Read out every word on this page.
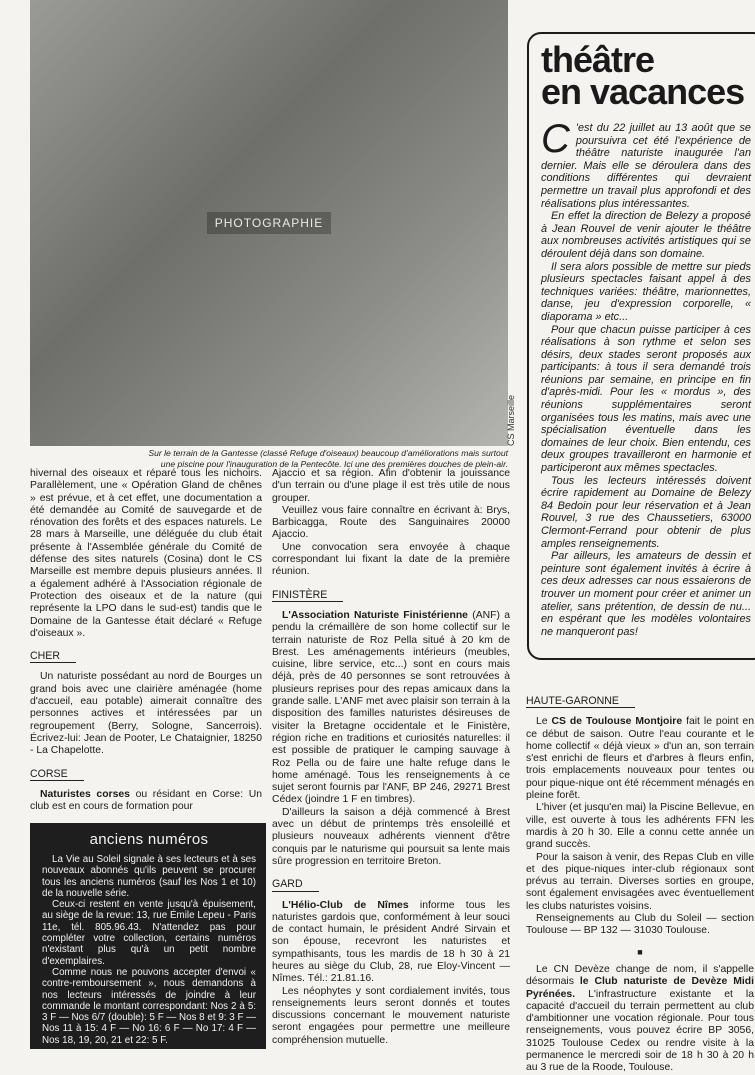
PHOTOGRAPHIE
CS Marseille
Sur le terrain de la Gantesse (classé Refuge d'oiseaux) beaucoup d'améliorations mais surtout
une piscine pour l'inauguration de la Pentecôte. Ici une des premières douches de plein-air.

hivernal des oiseaux et réparé tous les nichoirs. Parallèlement, une « Opération Gland de chênes » est prévue, et à cet effet, une documentation a été demandée au Comité de sauvegarde et de rénovation des forêts et des espaces naturels. Le 28 mars à Marseille, une déléguée du club était présente à l'Assemblée générale du Comité de défense des sites naturels (Cosina) dont le CS Marseille est membre depuis plusieurs années. Il a également adhéré à l'Association régionale de Protection des oiseaux et de la nature (qui représente la LPO dans le sud-est) tandis que le Domaine de la Gantesse était déclaré « Refuge d'oiseaux ».

CHER

Un naturiste possédant au nord de Bourges un grand bois avec une clairière aménagée (home d'accueil, eau potable) aimerait connaître des personnes actives et intéressées par un regroupement (Berry, Sologne, Sancerrois). Écrivez-lui: Jean de Pooter, Le Chataignier, 18250 - La Chapelotte.

CORSE

Naturistes corses ou résidant en Corse: Un club est en cours de formation pour

anciens numéros

La Vie au Soleil signale à ses lecteurs et à ses nouveaux abonnés qu'ils peuvent se procurer tous les anciens numéros (sauf les Nos 1 et 10) de la nouvelle série.

Ceux-ci restent en vente jusqu'à épuisement, au siège de la revue: 13, rue Émile Lepeu - Paris 11e, tél. 805.96.43. N'attendez pas pour compléter votre collection, certains numéros n'existant plus qu'à un petit nombre d'exemplaires.

Comme nous ne pouvons accepter d'envoi « contre-remboursement », nous demandons à nos lecteurs intéressés de joindre à leur commande le montant correspondant: Nos 2 à 5: 3 F — Nos 6/7 (double): 5 F — Nos 8 et 9: 3 F — Nos 11 à 15: 4 F — No 16: 6 F — No 17: 4 F — Nos 18, 19, 20, 21 et 22: 5 F.

Ajaccio et sa région. Afin d'obtenir la jouissance d'un terrain ou d'une plage il est très utile de nous grouper.

Veuillez vous faire connaître en écrivant à: Brys, Barbicagga, Route des Sanguinaires 20000 Ajaccio.

Une convocation sera envoyée à chaque correspondant lui fixant la date de la première réunion.

FINISTÈRE

L'Association Naturiste Finistérienne (ANF) a pendu la crémaillère de son home collectif sur le terrain naturiste de Roz Pella situé à 20 km de Brest. Les aménagements intérieurs (meubles, cuisine, libre service, etc...) sont en cours mais déjà, près de 40 personnes se sont retrouvées à plusieurs reprises pour des repas amicaux dans la grande salle. L'ANF met avec plaisir son terrain à la disposition des familles naturistes désireuses de visiter la Bretagne occidentale et le Finistère, région riche en traditions et curiosités naturelles: il est possible de pratiquer le camping sauvage à Roz Pella ou de faire une halte refuge dans le home aménagé. Tous les renseignements à ce sujet seront fournis par l'ANF, BP 246, 29271 Brest Cédex (joindre 1 F en timbres).

D'ailleurs la saison a déjà commencé à Brest avec un début de printemps très ensoleillé et plusieurs nouveaux adhérents viennent d'être conquis par le naturisme qui poursuit sa lente mais sûre progression en territoire Breton.

GARD

L'Hélio-Club de Nîmes informe tous les naturistes gardois que, conformément à leur souci de contact humain, le président André Sirvain et son épouse, recevront les naturistes et sympathisants, tous les mardis de 18 h 30 à 21 heures au siège du Club, 28, rue Eloy-Vincent — Nîmes. Tél.: 21.81.16.

Les néophytes y sont cordialement invités, tous renseignements leurs seront donnés et toutes discussions concernant le mouvement naturiste seront engagées pour permettre une meilleure compréhension mutuelle.

théâtre
en vacances

C 'est du 22 juillet au 13 août que se poursuivra cet été l'expérience de théâtre naturiste inaugurée l'an dernier. Mais elle se déroulera dans des conditions différentes qui devraient permettre un travail plus approfondi et des réalisations plus intéressantes.

En effet la direction de Belezy a proposé à Jean Rouvel de venir ajouter le théâtre aux nombreuses activités artistiques qui se déroulent déjà dans son domaine.

Il sera alors possible de mettre sur pieds plusieurs spectacles faisant appel à des techniques variées: théâtre, marionnettes, danse, jeu d'expression corporelle, « diaporama » etc...

Pour que chacun puisse participer à ces réalisations à son rythme et selon ses désirs, deux stades seront proposés aux participants: à tous il sera demandé trois réunions par semaine, en principe en fin d'après-midi. Pour les « mordus », des réunions supplémentaires seront organisées tous les matins, mais avec une spécialisation éventuelle dans les domaines de leur choix. Bien entendu, ces deux groupes travailleront en harmonie et participeront aux mêmes spectacles.

Tous les lecteurs intéressés doivent écrire rapidement au Domaine de Belezy 84 Bedoin pour leur réservation et à Jean Rouvel, 3 rue des Chaussetiers, 63000 Clermont-Ferrand pour obtenir de plus amples renseignements.

Par ailleurs, les amateurs de dessin et peinture sont également invités à écrire à ces deux adresses car nous essaierons de trouver un moment pour créer et animer un atelier, sans prétention, de dessin de nu... en espérant que les modèles volontaires ne manqueront pas!

HAUTE-GARONNE

Le CS de Toulouse Montjoire fait le point en ce début de saison. Outre l'eau courante et le home collectif « déjà vieux » d'un an, son terrain s'est enrichi de fleurs et d'arbres à fleurs enfin, trois emplacements nouveaux pour tentes ou pour pique-nique ont été récemment ménagés en pleine forêt.

L'hiver (et jusqu'en mai) la Piscine Bellevue, en ville, est ouverte à tous les adhérents FFN les mardis à 20 h 30. Elle a connu cette année un grand succès.

Pour la saison à venir, des Repas Club en ville et des pique-niques inter-club régionaux sont prévus au terrain. Diverses sorties en groupe, sont également envisagées avec éventuellement les clubs naturistes voisins.

Renseignements au Club du Soleil — section Toulouse — BP 132 — 31030 Toulouse.

■

Le CN Devèze change de nom, il s'appelle désormais le Club naturiste de Devèze Midi Pyrénées. L'infrastructure existante et la capacité d'accueil du terrain permettent au club d'ambitionner une vocation régionale. Pour tous renseignements, vous pouvez écrire BP 3056, 31025 Toulouse Cedex ou rendre visite à la permanence le mercredi soir de 18 h 30 à 20 h au 3 rue de la Roode, Toulouse.
